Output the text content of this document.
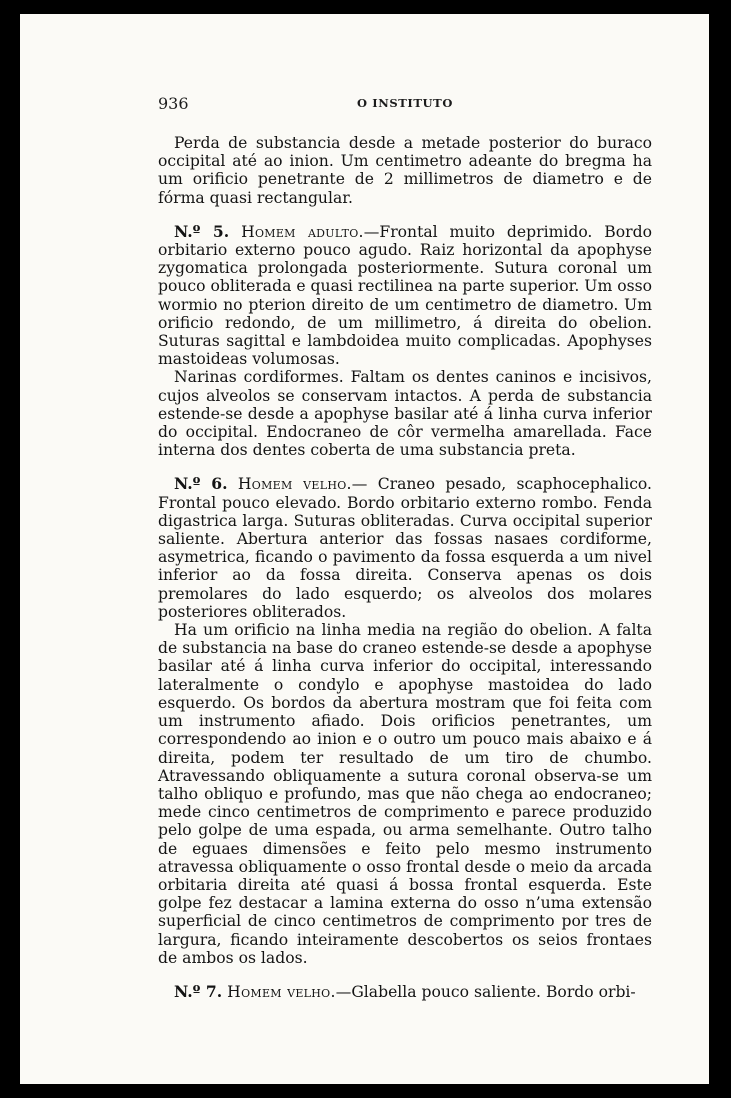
936	O INSTITUTO

Perda de substancia desde a metade posterior do buraco occipital até ao inion. Um centimetro adeante do bregma ha um orificio penetrante de 2 millimetros de diametro e de fórma quasi rectangular.

N.º 5. Homem adulto.—Frontal muito deprimido. Bordo orbitario externo pouco agudo. Raiz horizontal da apophyse zygomatica prolongada posteriormente. Sutura coronal um pouco obliterada e quasi rectilinea na parte superior. Um osso wormio no pterion direito de um centimetro de diametro. Um orificio redondo, de um millimetro, á direita do obelion. Suturas sagittal e lambdoidea muito complicadas. Apophyses mastoideas volumosas.

Narinas cordiformes. Faltam os dentes caninos e incisivos, cujos alveolos se conservam intactos. A perda de substancia estende-se desde a apophyse basilar até á linha curva inferior do occipital. Endocraneo de côr vermelha amarellada. Face interna dos dentes coberta de uma substancia preta.

N.º 6. Homem velho.— Craneo pesado, scaphocephalico. Frontal pouco elevado. Bordo orbitario externo rombo. Fenda digastrica larga. Suturas obliteradas. Curva occipital superior saliente. Abertura anterior das fossas nasaes cordiforme, asymetrica, ficando o pavimento da fossa esquerda a um nivel inferior ao da fossa direita. Conserva apenas os dois premolares do lado esquerdo; os alveolos dos molares posteriores obliterados.

Ha um orificio na linha media na região do obelion. A falta de substancia na base do craneo estende-se desde a apophyse basilar até á linha curva inferior do occipital, interessando lateralmente o condylo e apophyse mastoidea do lado esquerdo. Os bordos da abertura mostram que foi feita com um instrumento afiado. Dois orificios penetrantes, um correspondendo ao inion e o outro um pouco mais abaixo e á direita, podem ter resultado de um tiro de chumbo. Atravessando obliquamente a sutura coronal observa-se um talho obliquo e profundo, mas que não chega ao endocraneo; mede cinco centimetros de comprimento e parece produzido pelo golpe de uma espada, ou arma semelhante. Outro talho de eguaes dimensões e feito pelo mesmo instrumento atravessa obliquamente o osso frontal desde o meio da arcada orbitaria direita até quasi á bossa frontal esquerda. Este golpe fez destacar a lamina externa do osso n’uma extensão superficial de cinco centimetros de comprimento por tres de largura, ficando inteiramente descobertos os seios frontaes de ambos os lados.

N.º 7. Homem velho.—Glabella pouco saliente. Bordo orbi-
